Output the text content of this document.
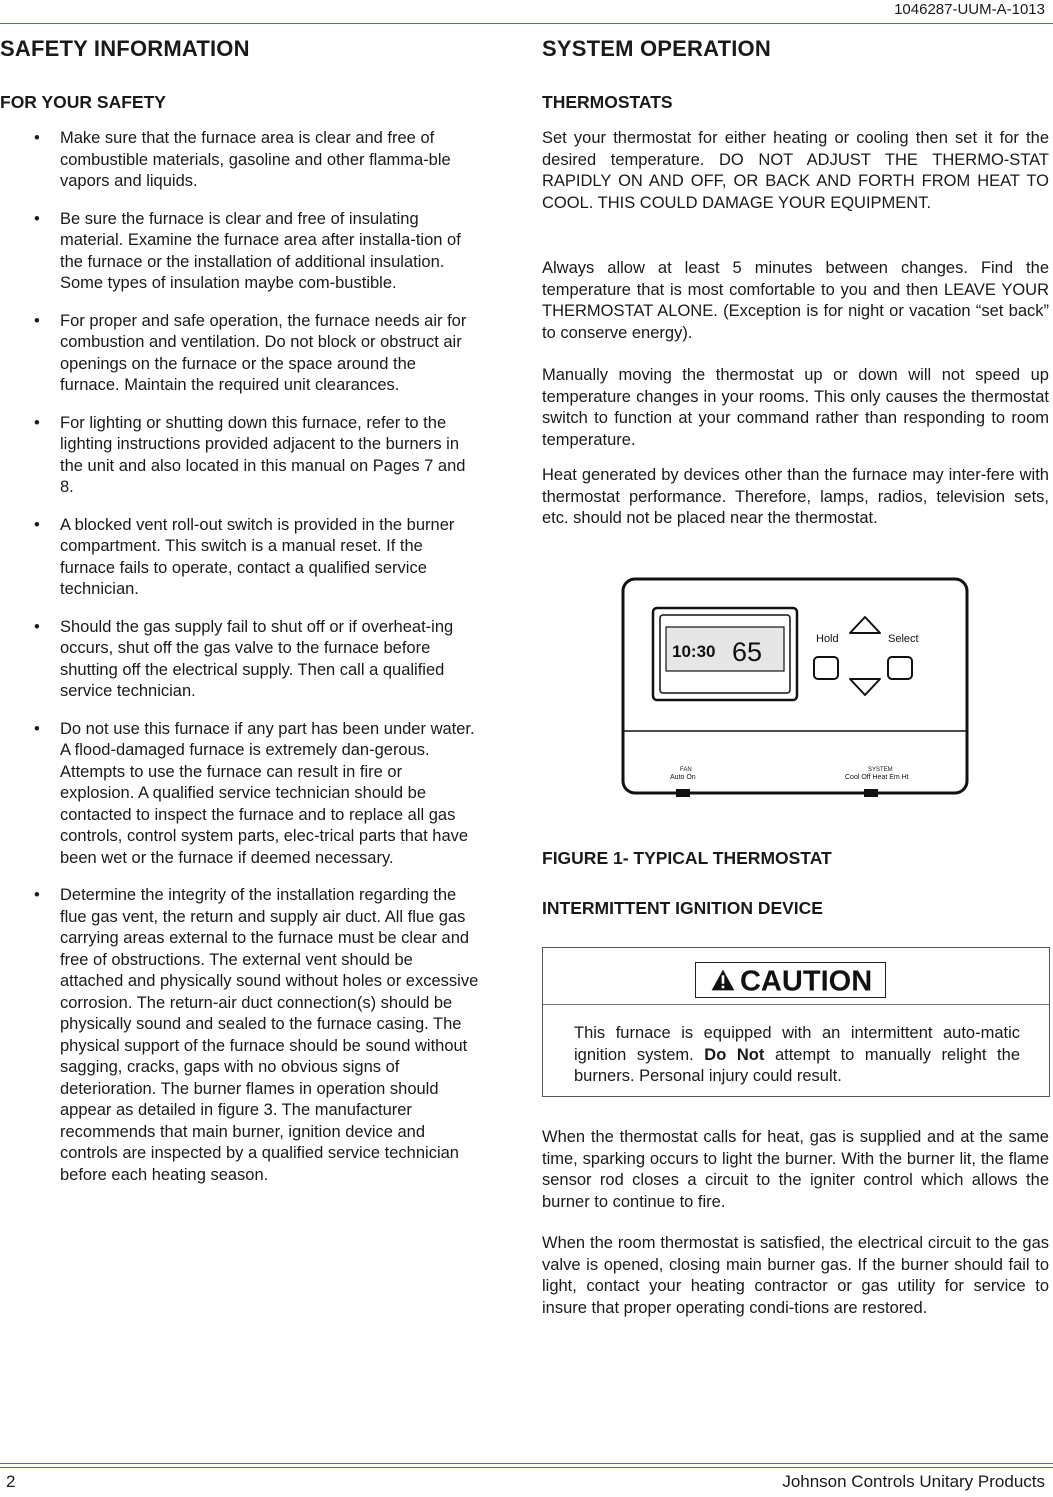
1046287-UUM-A-1013
SAFETY INFORMATION
FOR YOUR SAFETY
• Make sure that the furnace area is clear and free of combustible materials, gasoline and other flamma-ble vapors and liquids.
• Be sure the furnace is clear and free of insulating material. Examine the furnace area after installa-tion of the furnace or the installation of additional insulation. Some types of insulation maybe com-bustible.
• For proper and safe operation, the furnace needs air for combustion and ventilation. Do not block or obstruct air openings on the furnace or the space around the furnace. Maintain the required unit clearances.
• For lighting or shutting down this furnace, refer to the lighting instructions provided adjacent to the burners in the unit and also located in this manual on Pages 7 and 8.
• A blocked vent roll-out switch is provided in the burner compartment. This switch is a manual reset. If the furnace fails to operate, contact a qualified service technician.
• Should the gas supply fail to shut off or if overheat-ing occurs, shut off the gas valve to the furnace before shutting off the electrical supply. Then call a qualified service technician.
• Do not use this furnace if any part has been under water. A flood-damaged furnace is extremely dan-gerous. Attempts to use the furnace can result in fire or explosion. A qualified service technician should be contacted to inspect the furnace and to replace all gas controls, control system parts, elec-trical parts that have been wet or the furnace if deemed necessary.
• Determine the integrity of the installation regarding the flue gas vent, the return and supply air duct. All flue gas carrying areas external to the furnace must be clear and free of obstructions. The external vent should be attached and physically sound without holes or excessive corrosion. The return-air duct connection(s) should be physically sound and sealed to the furnace casing. The physical support of the furnace should be sound without sagging, cracks, gaps with no obvious signs of deterioration. The burner flames in operation should appear as detailed in figure 3. The manufacturer recommends that main burner, ignition device and controls are inspected by a qualified service technician before each heating season.
SYSTEM OPERATION
THERMOSTATS

Set your thermostat for either heating or cooling then set it for the desired temperature. DO NOT ADJUST THE THERMO-STAT RAPIDLY ON AND OFF, OR BACK AND FORTH FROM HEAT TO COOL. THIS COULD DAMAGE YOUR EQUIPMENT.

Always allow at least 5 minutes between changes. Find the temperature that is most comfortable to you and then LEAVE YOUR THERMOSTAT ALONE. (Exception is for night or vacation “set back” to conserve energy).

Manually moving the thermostat up or down will not speed up temperature changes in your rooms. This only causes the thermostat switch to function at your command rather than responding to room temperature.

Heat generated by devices other than the furnace may inter-fere with thermostat performance. Therefore, lamps, radios, television sets, etc. should not be placed near the thermostat.

10:30 65	Hold	Select
FAN
Auto On
SYSTEM
Cool Off Heat Em Ht
FIGURE 1- TYPICAL THERMOSTAT
INTERMITTENT IGNITION DEVICE
CAUTION

This furnace is equipped with an intermittent auto-matic ignition system. Do Not attempt to manually relight the burners. Personal injury could result.

When the thermostat calls for heat, gas is supplied and at the same time, sparking occurs to light the burner. With the burner lit, the flame sensor rod closes a circuit to the igniter control which allows the burner to continue to fire.

When the room thermostat is satisfied, the electrical circuit to the gas valve is opened, closing main burner gas. If the burner should fail to light, contact your heating contractor or gas utility for service to insure that proper operating condi-tions are restored.

2	Johnson Controls Unitary Products
